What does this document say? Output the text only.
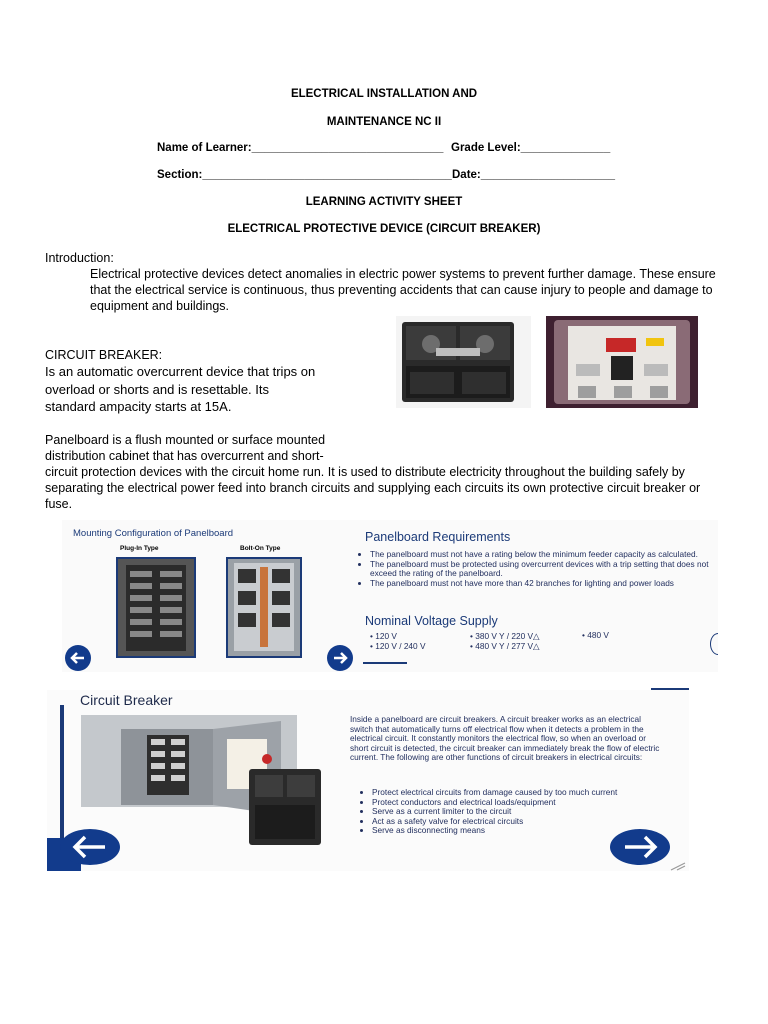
ELECTRICAL INSTALLATION AND
MAINTENANCE NC II
Name of Learner:______________________________ Grade Level:______________
Section:_______________________________________ Date:_____________________
LEARNING ACTIVITY SHEET
ELECTRICAL PROTECTIVE DEVICE (CIRCUIT BREAKER)
Introduction:
Electrical protective devices detect anomalies in electric power systems to prevent further damage. These ensure
that the electrical service is continuous, thus preventing accidents that can cause injury to people and damage to
equipment and buildings.
CIRCUIT BREAKER:
Is an automatic overcurrent device that trips on
overload or shorts and is resettable. Its
standard ampacity starts at 15A.
Panelboard is a flush mounted or surface mounted
distribution cabinet that has overcurrent and short-
circuit protection devices with the circuit home run. It is used to distribute electricity throughout the building safely by
separating the electrical power feed into branch circuits and supplying each circuits its own protective circuit breaker or
fuse.
Mounting Configuration of Panelboard
Plug-In Type	Bolt-On Type
Panelboard Requirements
• The panelboard must not have a rating below the minimum feeder capacity as calculated.
• The panelboard must be protected using overcurrent devices with a trip setting that does not exceed the rating of the panelboard.
• The panelboard must not have more than 42 branches for lighting and power loads
Nominal Voltage Supply
• 120 V
• 120 V / 240 V
• 380 V Y / 220 V△
• 480 V Y / 277 V△
• 480 V
Circuit Breaker
Inside a panelboard are circuit breakers. A circuit breaker works as an electrical switch that automatically turns off electrical flow when it detects a problem in the electrical circuit. It constantly monitors the electrical flow, so when an overload or short circuit is detected, the circuit breaker can immediately break the flow of electric current. The following are other functions of circuit breakers in electrical circuits:
• Protect electrical circuits from damage caused by too much current
• Protect conductors and electrical loads/equipment
• Serve as a current limiter to the circuit
• Act as a safety valve for electrical circuits
• Serve as disconnecting means
